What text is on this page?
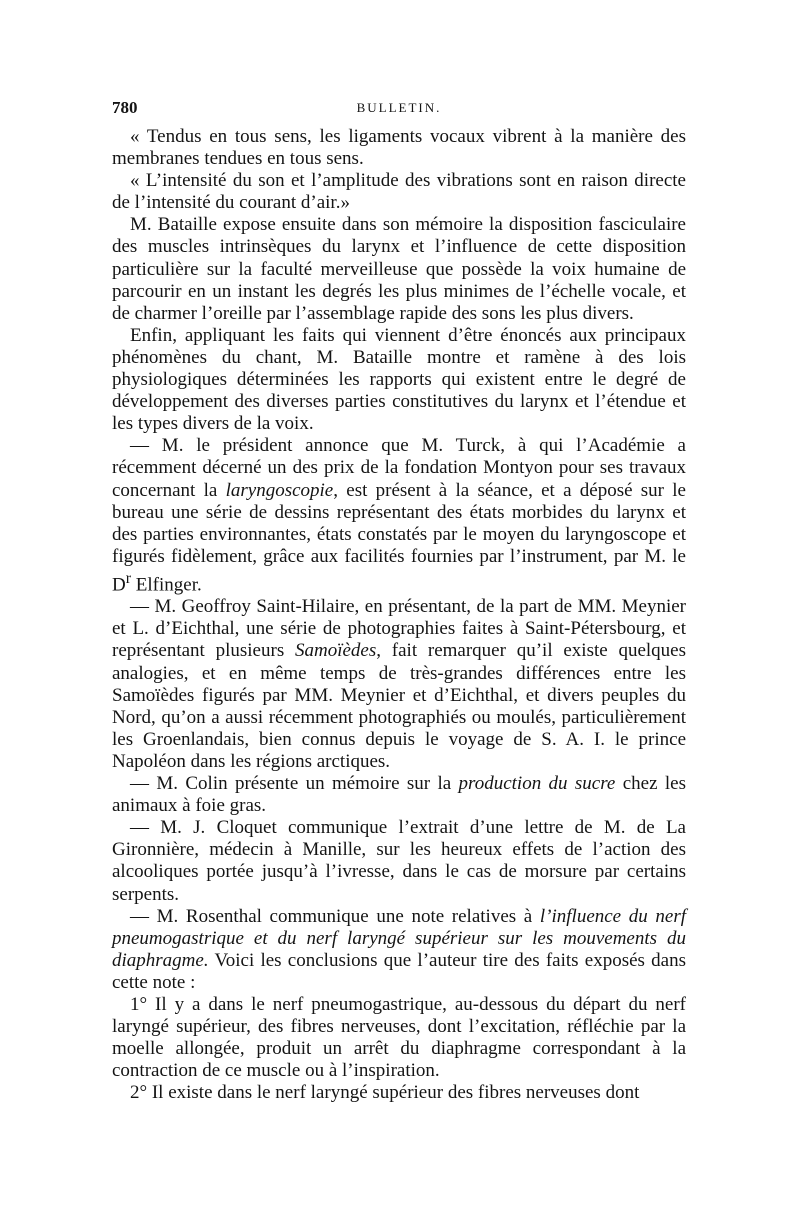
780	BULLETIN.

« Tendus en tous sens, les ligaments vocaux vibrent à la manière des membranes tendues en tous sens.

« L’intensité du son et l’amplitude des vibrations sont en raison directe de l’intensité du courant d’air.»

M. Bataille expose ensuite dans son mémoire la disposition fasciculaire des muscles intrinsèques du larynx et l’influence de cette disposition particulière sur la faculté merveilleuse que possède la voix humaine de parcourir en un instant les degrés les plus minimes de l’échelle vocale, et de charmer l’oreille par l’assemblage rapide des sons les plus divers.

Enfin, appliquant les faits qui viennent d’être énoncés aux principaux phénomènes du chant, M. Bataille montre et ramène à des lois physiologiques déterminées les rapports qui existent entre le degré de développement des diverses parties constitutives du larynx et l’étendue et les types divers de la voix.

— M. le président annonce que M. Turck, à qui l’Académie a récemment décerné un des prix de la fondation Montyon pour ses travaux concernant la laryngoscopie, est présent à la séance, et a déposé sur le bureau une série de dessins représentant des états morbides du larynx et des parties environnantes, états constatés par le moyen du laryngoscope et figurés fidèlement, grâce aux facilités fournies par l’instrument, par M. le $D^r$ Elfinger.

— M. Geoffroy Saint-Hilaire, en présentant, de la part de MM. Meynier et L. d’Eichthal, une série de photographies faites à Saint-Pétersbourg, et représentant plusieurs Samoïèdes, fait remarquer qu’il existe quelques analogies, et en même temps de très-grandes différences entre les Samoïèdes figurés par MM. Meynier et d’Eichthal, et divers peuples du Nord, qu’on a aussi récemment photographiés ou moulés, particulièrement les Groenlandais, bien connus depuis le voyage de S. A. I. le prince Napoléon dans les régions arctiques.

— M. Colin présente un mémoire sur la production du sucre chez les animaux à foie gras.

— M. J. Cloquet communique l’extrait d’une lettre de M. de La Gironnière, médecin à Manille, sur les heureux effets de l’action des alcooliques portée jusqu’à l’ivresse, dans le cas de morsure par certains serpents.

— M. Rosenthal communique une note relatives à l’influence du nerf pneumogastrique et du nerf laryngé supérieur sur les mouvements du diaphragme. Voici les conclusions que l’auteur tire des faits exposés dans cette note :

1° Il y a dans le nerf pneumogastrique, au-dessous du départ du nerf laryngé supérieur, des fibres nerveuses, dont l’excitation, réfléchie par la moelle allongée, produit un arrêt du diaphragme correspondant à la contraction de ce muscle ou à l’inspiration.

2° Il existe dans le nerf laryngé supérieur des fibres nerveuses dont
